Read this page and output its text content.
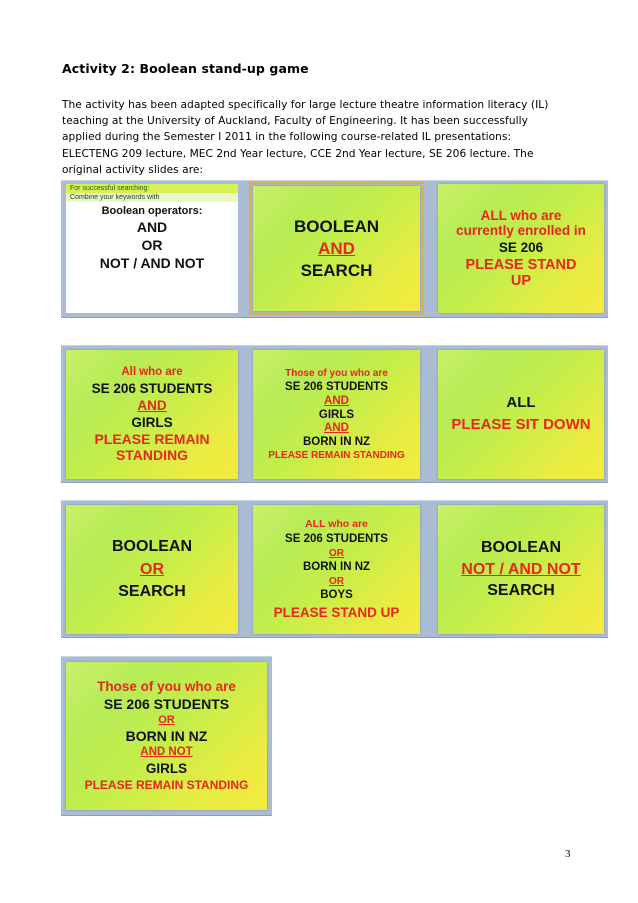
Activity 2: Boolean stand-up game
The activity has been adapted specifically for large lecture theatre information literacy (IL)
teaching at the University of Auckland, Faculty of Engineering. It has been successfully
applied during the Semester I 2011 in the following course-related IL presentations:
ELECTENG 209 lecture, MEC 2nd Year lecture, CCE 2nd Year lecture, SE 206 lecture. The
original activity slides are:
For successful searching:
Combine your keywords with
Boolean operators:
AND
OR
NOT / AND NOT
BOOLEAN
AND
SEARCH
ALL who are
currently enrolled in
SE 206
PLEASE STAND
UP
All who are
SE 206 STUDENTS
AND
GIRLS
PLEASE REMAIN
STANDING
Those of you who are
SE 206 STUDENTS
AND
GIRLS
AND
BORN IN NZ
PLEASE REMAIN STANDING
ALL
PLEASE SIT DOWN
BOOLEAN
OR
SEARCH
ALL who are
SE 206 STUDENTS
OR
BORN IN NZ
OR
BOYS
PLEASE STAND UP
BOOLEAN
NOT / AND NOT
SEARCH
Those of you who are
SE 206 STUDENTS
OR
BORN IN NZ
AND NOT
GIRLS
PLEASE REMAIN STANDING
3
